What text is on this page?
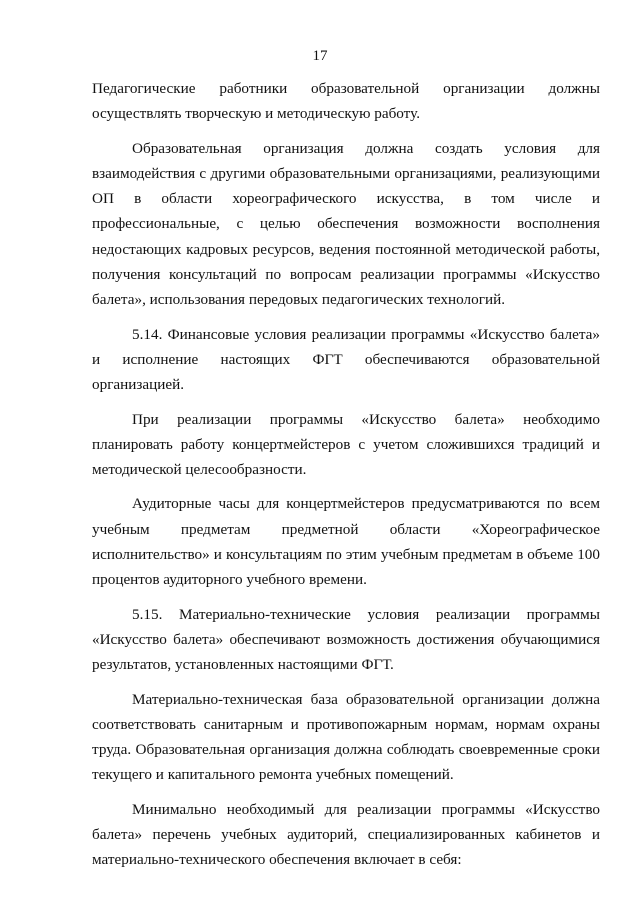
17

Педагогические работники образовательной организации должны осуществлять творческую и методическую работу.

Образовательная организация должна создать условия для взаимодействия с другими образовательными организациями, реализующими ОП в области хореографического искусства, в том числе и профессиональные, с целью обеспечения возможности восполнения недостающих кадровых ресурсов, ведения постоянной методической работы, получения консультаций по вопросам реализации программы «Искусство балета», использования передовых педагогических технологий.

5.14. Финансовые условия реализации программы «Искусство балета» и исполнение настоящих ФГТ обеспечиваются образовательной организацией.

При реализации программы «Искусство балета» необходимо планировать работу концертмейстеров с учетом сложившихся традиций и методической целесообразности.

Аудиторные часы для концертмейстеров предусматриваются по всем учебным предметам предметной области «Хореографическое исполнительство» и консультациям по этим учебным предметам в объеме 100 процентов аудиторного учебного времени.

5.15. Материально-технические условия реализации программы «Искусство балета» обеспечивают возможность достижения обучающимися результатов, установленных настоящими ФГТ.

Материально-техническая база образовательной организации должна соответствовать санитарным и противопожарным нормам, нормам охраны труда. Образовательная организация должна соблюдать своевременные сроки текущего и капитального ремонта учебных помещений.

Минимально необходимый для реализации программы «Искусство балета» перечень учебных аудиторий, специализированных кабинетов и материально-технического обеспечения включает в себя:
